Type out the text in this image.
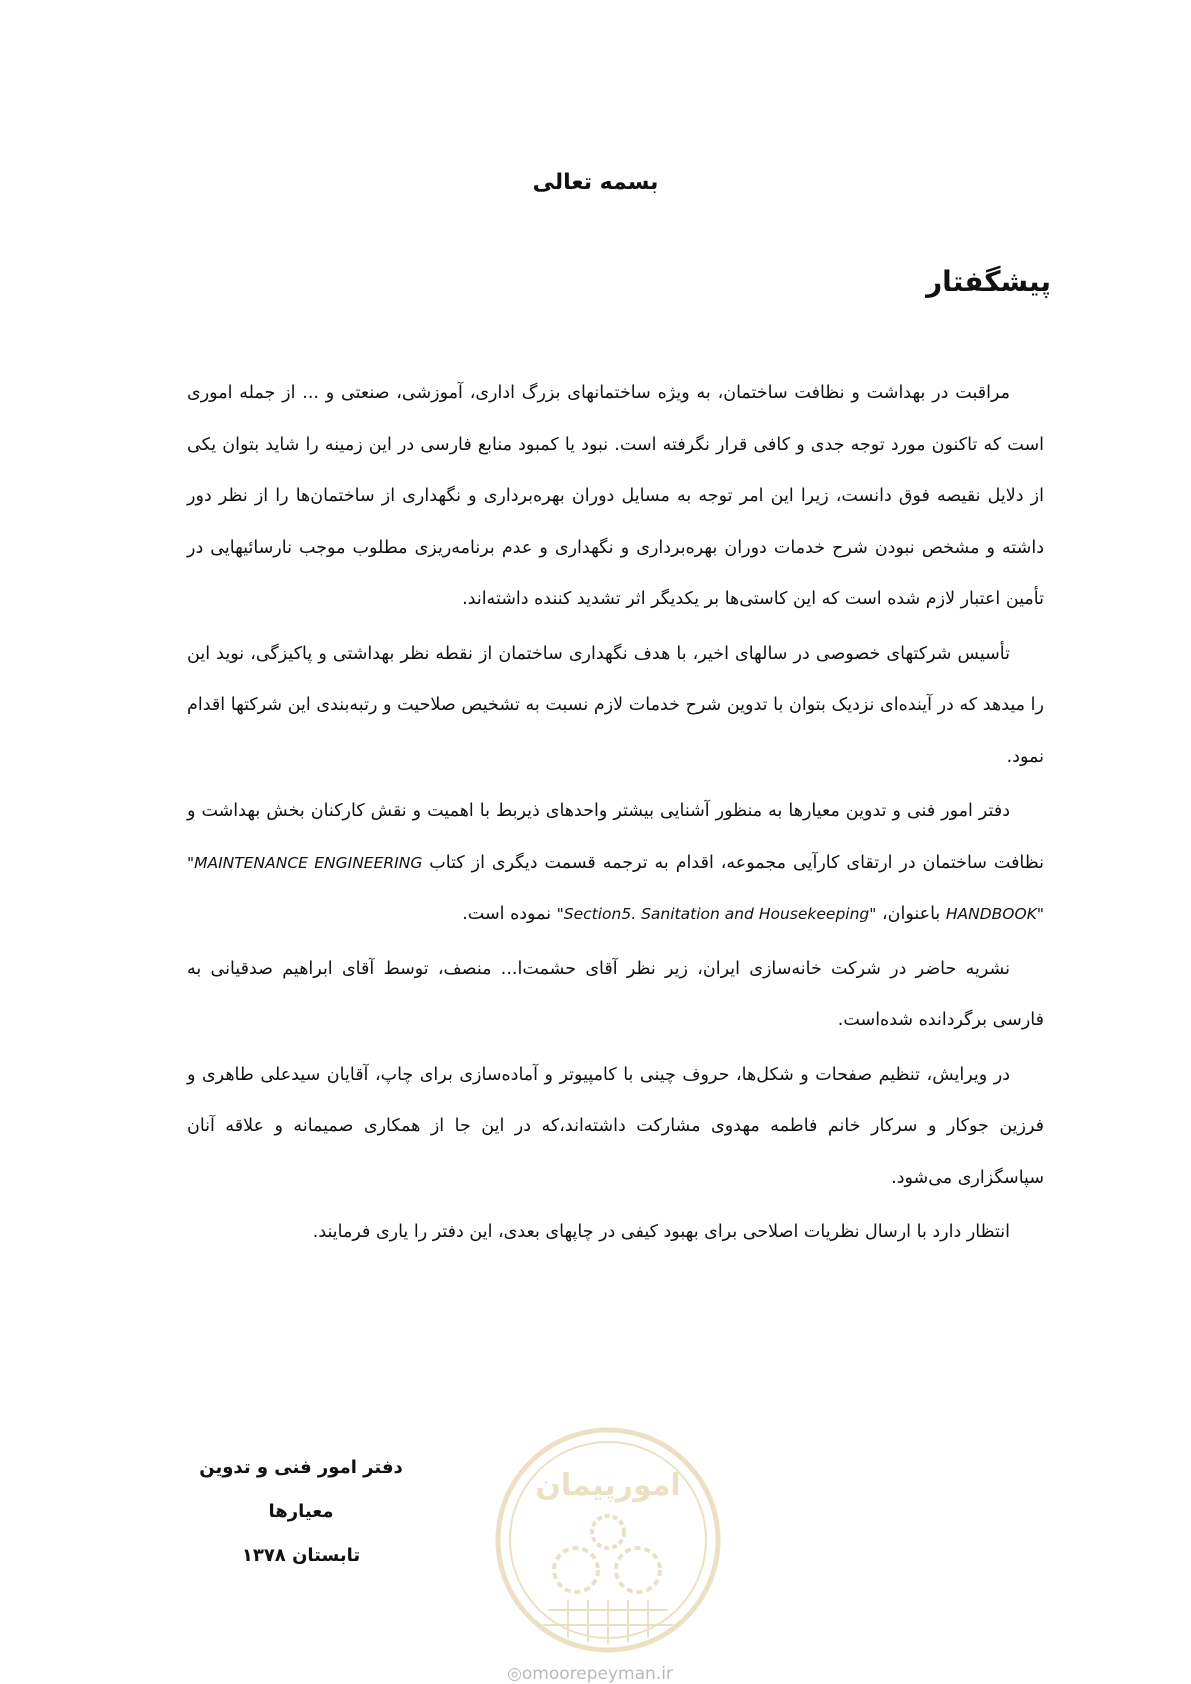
بسمه تعالی
پیشگفتار

مراقبت در بهداشت و نظافت ساختمان، به ویژه ساختمانهای بزرگ اداری، آموزشی، صنعتی و ... از جمله اموری است که تاکنون مورد توجه جدی و کافی قرار نگرفته است. نبود یا کمبود منابع فارسی در این زمینه را شاید بتوان یکی از دلایل نقیصه فوق دانست، زیرا این امر توجه به مسایل دوران بهره‌برداری و نگهداری از ساختمان‌ها را از نظر دور داشته و مشخص نبودن شرح خدمات دوران بهره‌برداری و نگهداری و عدم برنامه‌ریزی مطلوب موجب نارسائیهایی در تأمین اعتبار لازم شده است که این کاستی‌ها بر یکدیگر اثر تشدید کننده داشته‌اند.

تأسیس شرکتهای خصوصی در سالهای اخیر، با هدف نگهداری ساختمان از نقطه نظر بهداشتی و پاکیزگی، نوید این را میدهد که در آینده‌ای نزدیک بتوان با تدوین شرح خدمات لازم نسبت به تشخیص صلاحیت و رتبه‌بندی این شرکتها اقدام نمود.

دفتر امور فنی و تدوین معیارها به منظور آشنایی بیشتر واحدهای ذیربط با اهمیت و نقش کارکنان بخش بهداشت و نظافت ساختمان در ارتقای کارآیی مجموعه، اقدام به ترجمه قسمت دیگری از کتاب "MAINTENANCE ENGINEERING HANDBOOK" باعنوان، "Section5. Sanitation and Housekeeping" نموده است.

نشریه حاضر در شرکت خانه‌سازی ایران، زیر نظر آقای حشمت‌ا... منصف، توسط آقای ابراهیم صدقیانی به فارسی برگردانده شده‌است.

در ویرایش، تنظیم صفحات و شکل‌ها، حروف چینی با کامپیوتر و آماده‌سازی برای چاپ، آقایان سیدعلی طاهری و فرزین جوکار و سرکار خانم فاطمه مهدوی مشارکت داشته‌اند،که در این جا از همکاری صمیمانه و علاقه آنان سپاسگزاری می‌شود.

انتظار دارد با ارسال نظریات اصلاحی برای بهبود کیفی در چاپهای بعدی، این دفتر را یاری فرمایند.

دفتر امور فنی و تدوین معیارها
تابستان ۱۳۷۸
امورپیمان
◎omoorepeyman.ir
